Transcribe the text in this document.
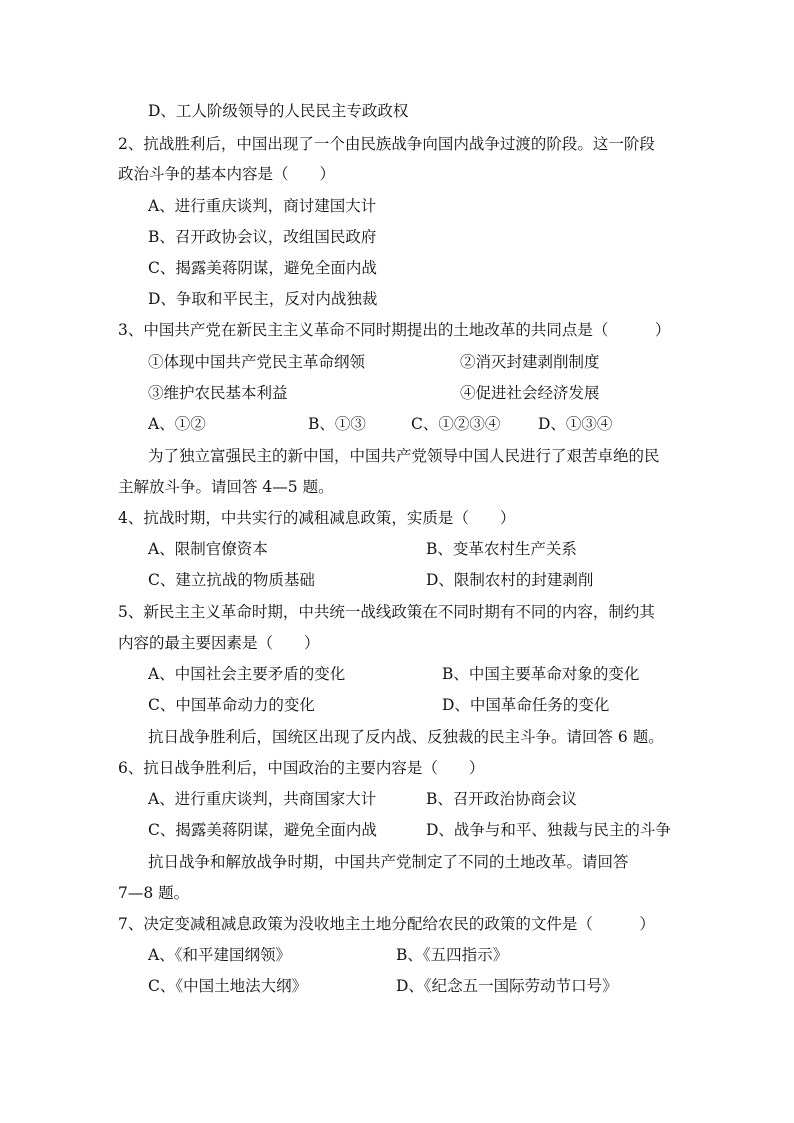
D、工人阶级领导的人民民主专政政权
2、抗战胜利后，中国出现了一个由民族战争向国内战争过渡的阶段。这一阶段
政治斗争的基本内容是（　　）
A、进行重庆谈判，商讨建国大计
B、召开政协会议，改组国民政府
C、揭露美蒋阴谋，避免全面内战
D、争取和平民主，反对内战独裁
3、中国共产党在新民主主义革命不同时期提出的土地改革的共同点是（　　　）
①体现中国共产党民主革命纲领	②消灭封建剥削制度
③维护农民基本利益	④促进社会经济发展
A、①②	B、①③	C、①②③④ D、①③④
为了独立富强民主的新中国，中国共产党领导中国人民进行了艰苦卓绝的民
主解放斗争。请回答 4—5 题。
4、抗战时期，中共实行的减租减息政策，实质是（　　）
A、限制官僚资本	B、变革农村生产关系
C、建立抗战的物质基础	D、限制农村的封建剥削
5、新民主主义革命时期，中共统一战线政策在不同时期有不同的内容，制约其
内容的最主要因素是（　　）
A、中国社会主要矛盾的变化	B、中国主要革命对象的变化
C、中国革命动力的变化	D、中国革命任务的变化
抗日战争胜利后，国统区出现了反内战、反独裁的民主斗争。请回答 6 题。
6、抗日战争胜利后，中国政治的主要内容是（　　）
A、进行重庆谈判，共商国家大计	B、召开政治协商会议
C、揭露美蒋阴谋，避免全面内战	D、战争与和平、独裁与民主的斗争
抗日战争和解放战争时期，中国共产党制定了不同的土地改革。请回答
7—8 题。
7、决定变减租减息政策为没收地主土地分配给农民的政策的文件是（　　　）
A、《和平建国纲领》	B、《五四指示》
C、《中国土地法大纲》	D、《纪念五一国际劳动节口号》
